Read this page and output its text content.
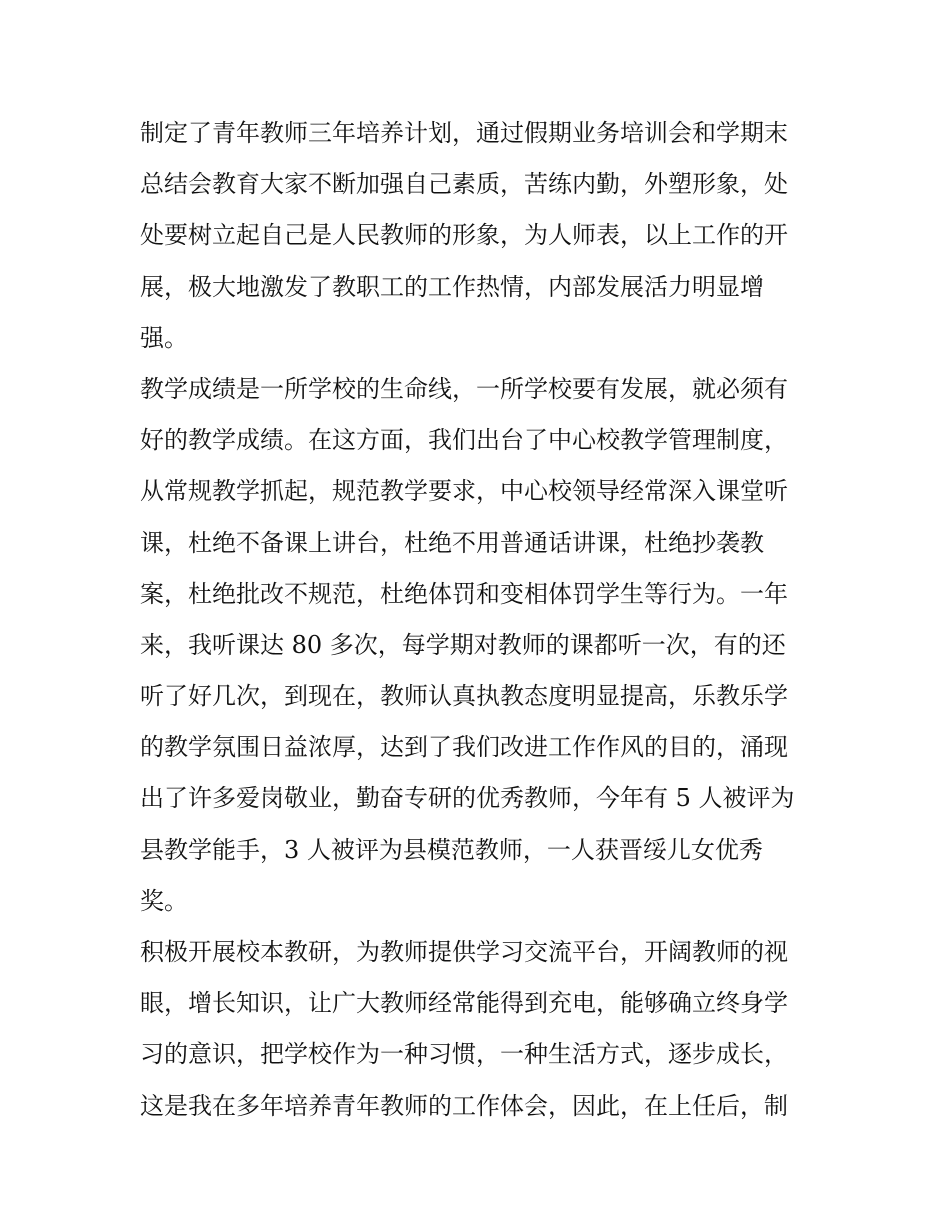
制定了青年教师三年培养计划，通过假期业务培训会和学期末
总结会教育大家不断加强自己素质，苦练内勤，外塑形象，处
处要树立起自己是人民教师的形象，为人师表，以上工作的开
展，极大地激发了教职工的工作热情，内部发展活力明显增
强。
教学成绩是一所学校的生命线，一所学校要有发展，就必须有
好的教学成绩。在这方面，我们出台了中心校教学管理制度，
从常规教学抓起，规范教学要求，中心校领导经常深入课堂听
课，杜绝不备课上讲台，杜绝不用普通话讲课，杜绝抄袭教
案，杜绝批改不规范，杜绝体罚和变相体罚学生等行为。一年
来，我听课达 80 多次，每学期对教师的课都听一次，有的还
听了好几次，到现在，教师认真执教态度明显提高，乐教乐学
的教学氛围日益浓厚，达到了我们改进工作作风的目的，涌现
出了许多爱岗敬业，勤奋专研的优秀教师，今年有 5 人被评为
县教学能手，3 人被评为县模范教师，一人获晋绥儿女优秀
奖。
积极开展校本教研，为教师提供学习交流平台，开阔教师的视
眼，增长知识，让广大教师经常能得到充电，能够确立终身学
习的意识，把学校作为一种习惯，一种生活方式，逐步成长，
这是我在多年培养青年教师的工作体会，因此，在上任后，制
